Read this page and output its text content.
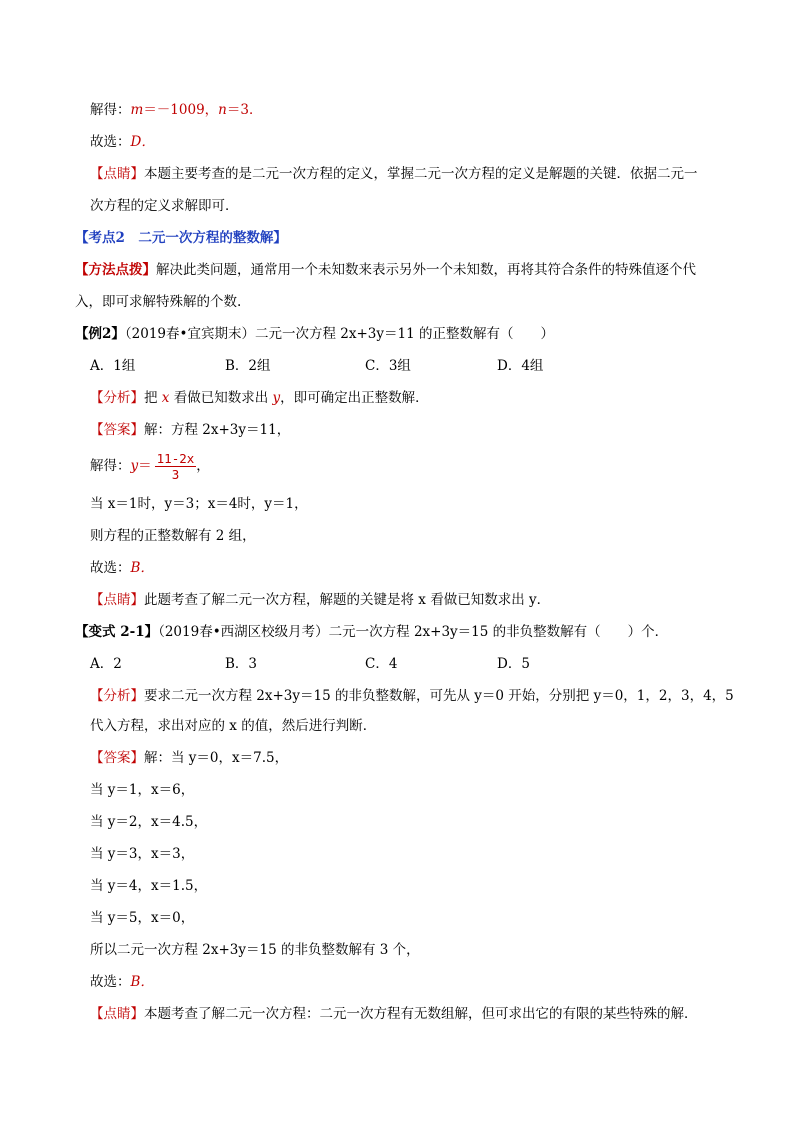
解得：m＝－1009，n＝3．
故选：D．
【点睛】本题主要考查的是二元一次方程的定义，掌握二元一次方程的定义是解题的关键．依据二元一
次方程的定义求解即可．
【考点2　二元一次方程的整数解】
【方法点拨】解决此类问题，通常用一个未知数来表示另外一个未知数，再将其符合条件的特殊值逐个代
入，即可求解特殊解的个数.
【例2】（2019春•宜宾期末）二元一次方程 2x+3y＝11 的正整数解有（　　）
A．1组	B．2组	C．3组	D．4组
【分析】把 x 看做已知数求出 y，即可确定出正整数解．
【答案】解：方程 2x+3y＝11，
解得：$y= \frac{11-2x}{3}$ ，
当 x＝1时，y＝3；x＝4时，y＝1，
则方程的正整数解有 2 组，
故选：B．
【点睛】此题考查了解二元一次方程，解题的关键是将 x 看做已知数求出 y．
【变式 2-1】（2019春•西湖区校级月考）二元一次方程 2x+3y＝15 的非负整数解有（　　）个．
A．2	B．3	C．4	D．5
【分析】要求二元一次方程 2x+3y＝15 的非负整数解，可先从 y＝0 开始，分别把 y＝0，1，2，3，4，5
代入方程，求出对应的 x 的值，然后进行判断．
【答案】解：当 y＝0，x＝7.5，
当 y＝1，x＝6，
当 y＝2，x＝4.5，
当 y＝3，x＝3，
当 y＝4，x＝1.5，
当 y＝5，x＝0，
所以二元一次方程 2x+3y＝15 的非负整数解有 3 个，
故选：B．
【点睛】本题考查了解二元一次方程：二元一次方程有无数组解，但可求出它的有限的某些特殊的解．
